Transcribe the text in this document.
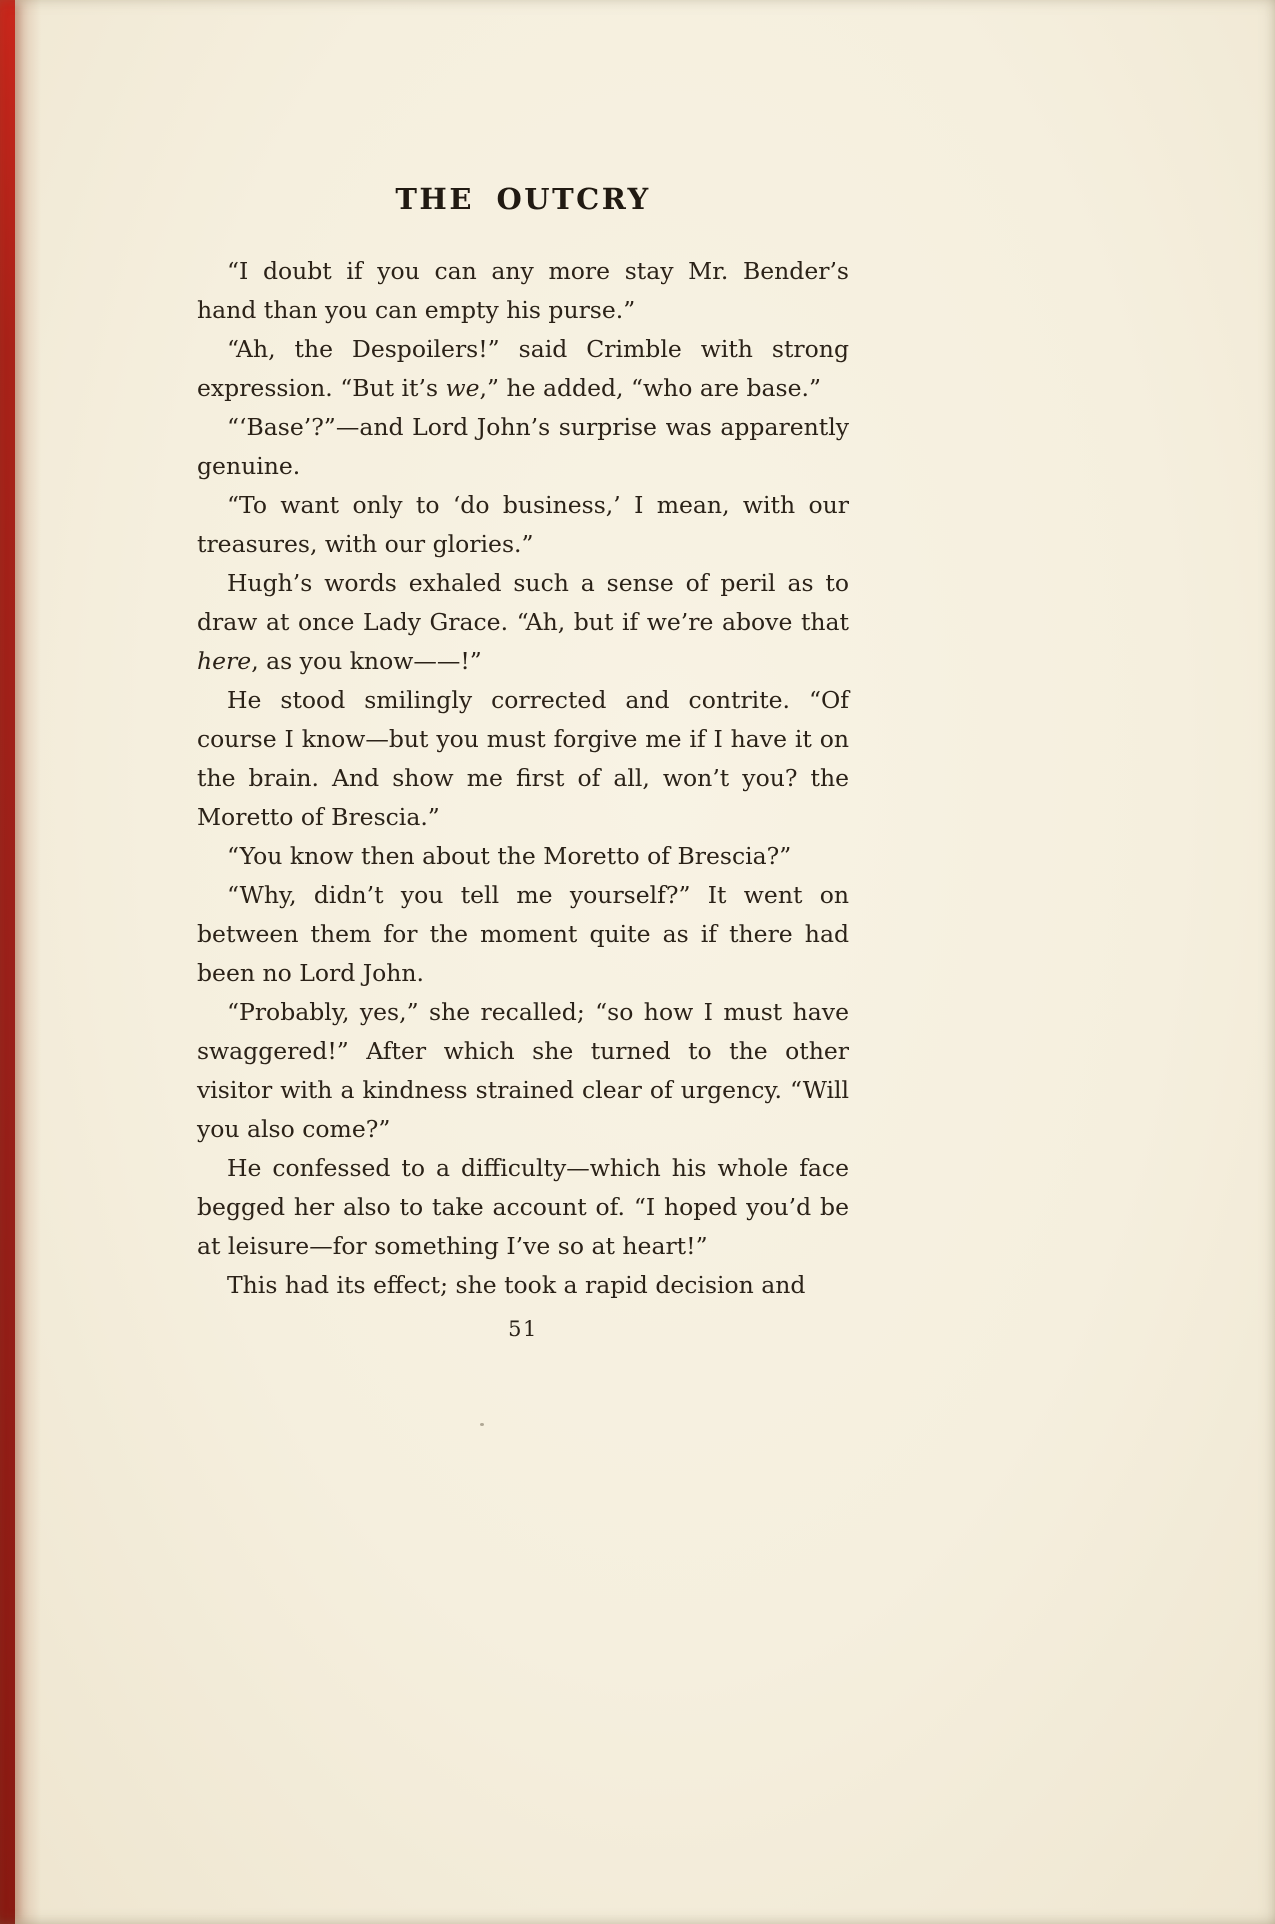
THE OUTCRY

“I doubt if you can any more stay Mr. Bender’s hand than you can empty his purse.”

“Ah, the Despoilers!” said Crimble with strong expression. “But it’s we,” he added, “who are base.”

“‘Base’?”—and Lord John’s surprise was apparently genuine.

“To want only to ‘do business,’ I mean, with our treasures, with our glories.”

Hugh’s words exhaled such a sense of peril as to draw at once Lady Grace. “Ah, but if we’re above that here, as you know——!”

He stood smilingly corrected and contrite. “Of course I know—but you must forgive me if I have it on the brain. And show me first of all, won’t you? the Moretto of Brescia.”

“You know then about the Moretto of Brescia?”

“Why, didn’t you tell me yourself?” It went on between them for the moment quite as if there had been no Lord John.

“Probably, yes,” she recalled; “so how I must have swaggered!” After which she turned to the other visitor with a kindness strained clear of urgency. “Will you also come?”

He confessed to a difficulty—which his whole face begged her also to take account of. “I hoped you’d be at leisure—for something I’ve so at heart!”

This had its effect; she took a rapid decision and

51
